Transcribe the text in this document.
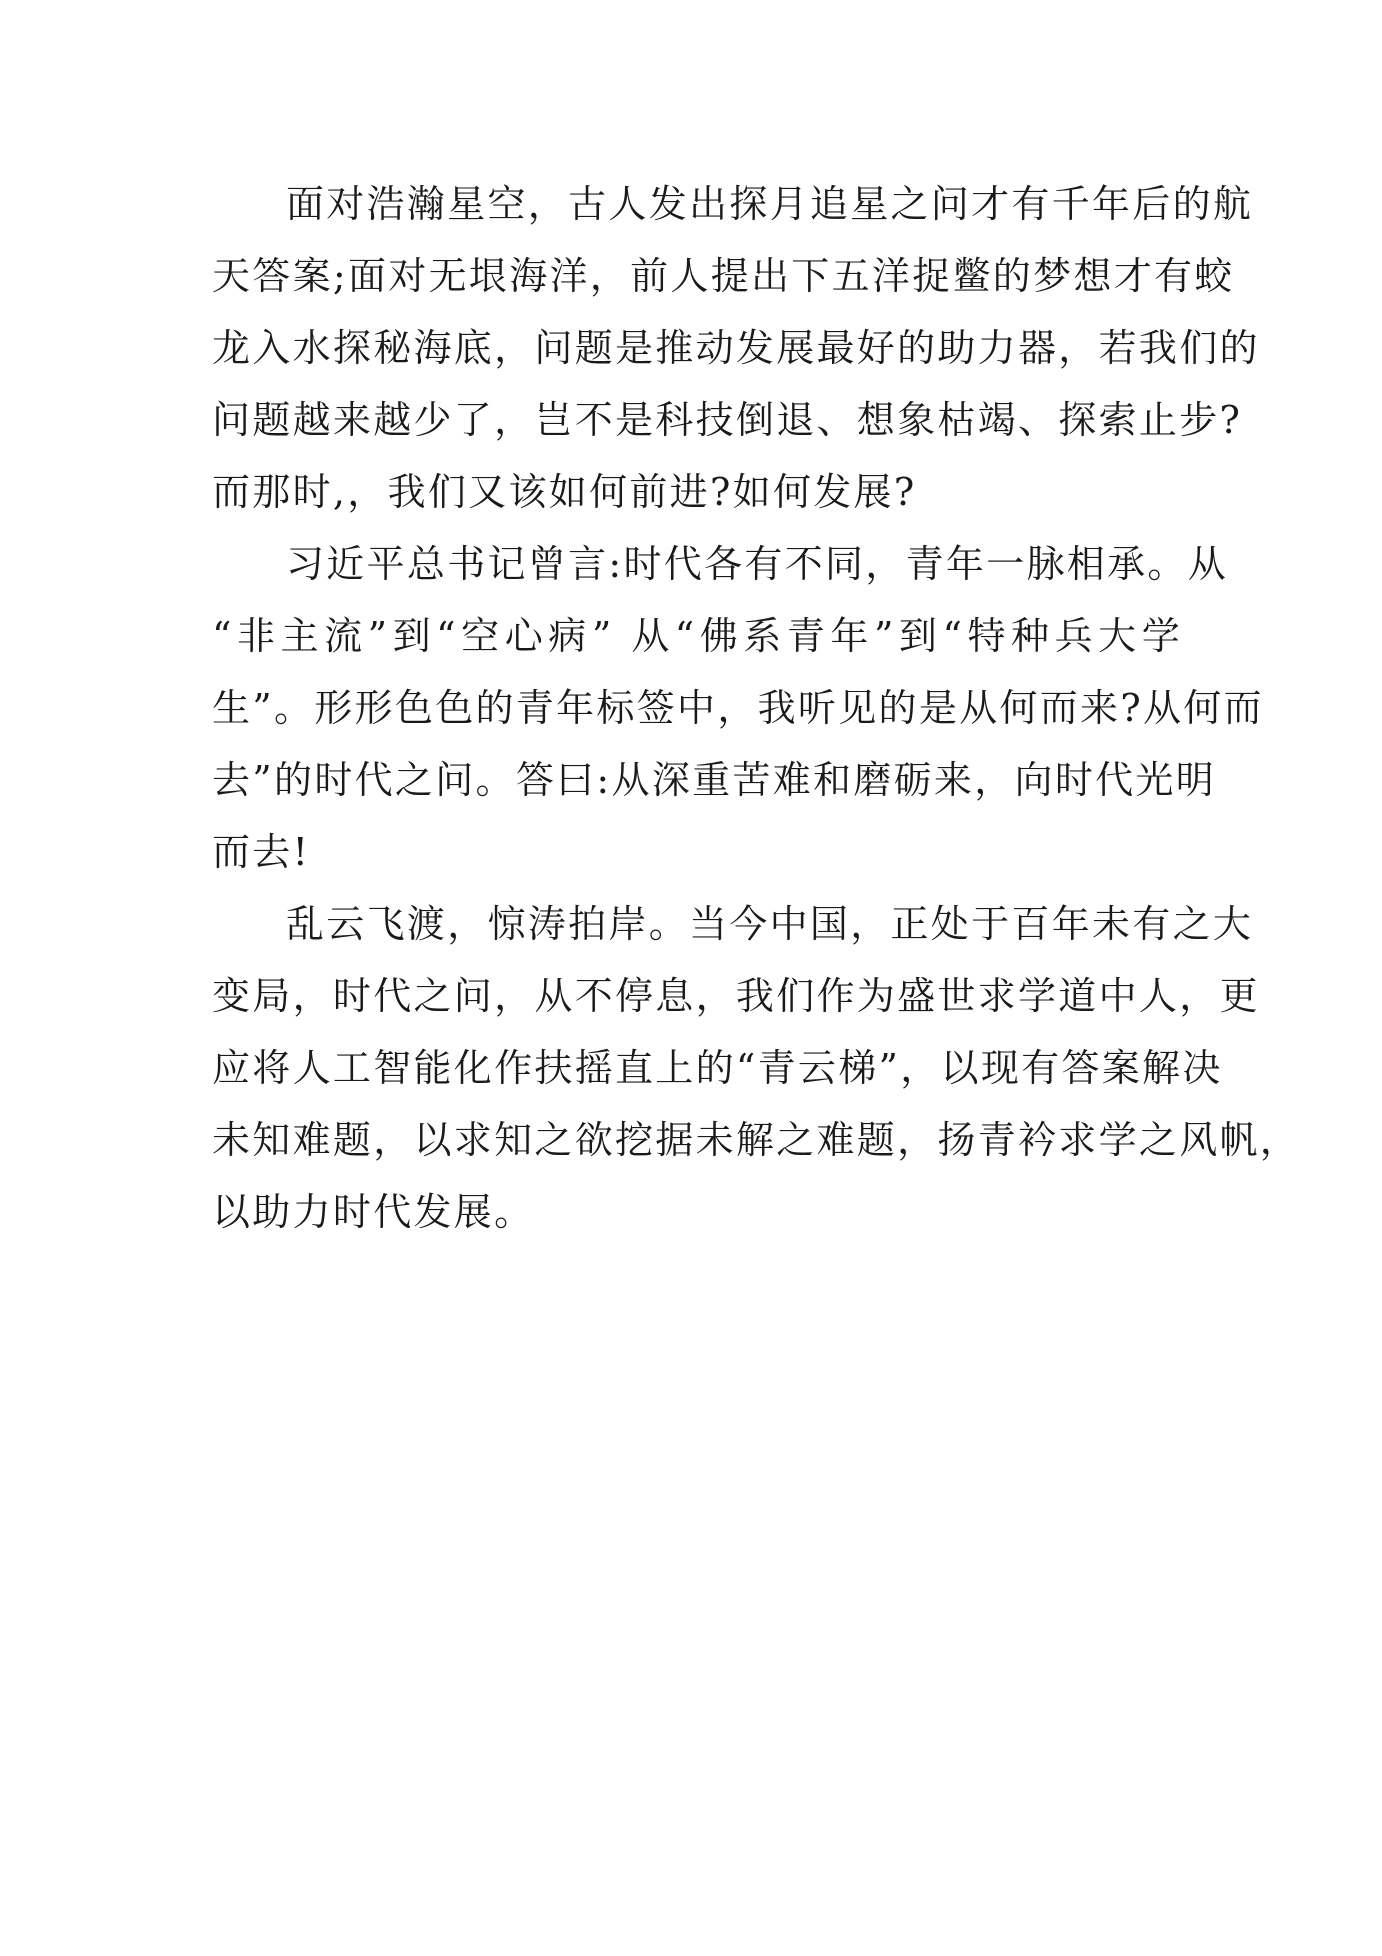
面对浩瀚星空，古人发出探月追星之问才有千年后的航
天答案;面对无垠海洋，前人提出下五洋捉鳖的梦想才有蛟
龙入水探秘海底，问题是推动发展最好的助力器，若我们的
问题越来越少了，岂不是科技倒退、想象枯竭、探索止步?
而那时,，我们又该如何前进?如何发展?
习近平总书记曾言:时代各有不同，青年一脉相承。从
“非主流”到“空心病” 从“佛系青年”到“特种兵大学
生”。形形色色的青年标签中，我听见的是从何而来?从何而
去”的时代之问。答曰:从深重苦难和磨砺来，向时代光明
而去!
乱云飞渡，惊涛拍岸。当今中国，正处于百年未有之大
变局，时代之问，从不停息，我们作为盛世求学道中人，更
应将人工智能化作扶摇直上的“青云梯”，以现有答案解决
未知难题，以求知之欲挖据未解之难题，扬青衿求学之风帆，
以助力时代发展。
